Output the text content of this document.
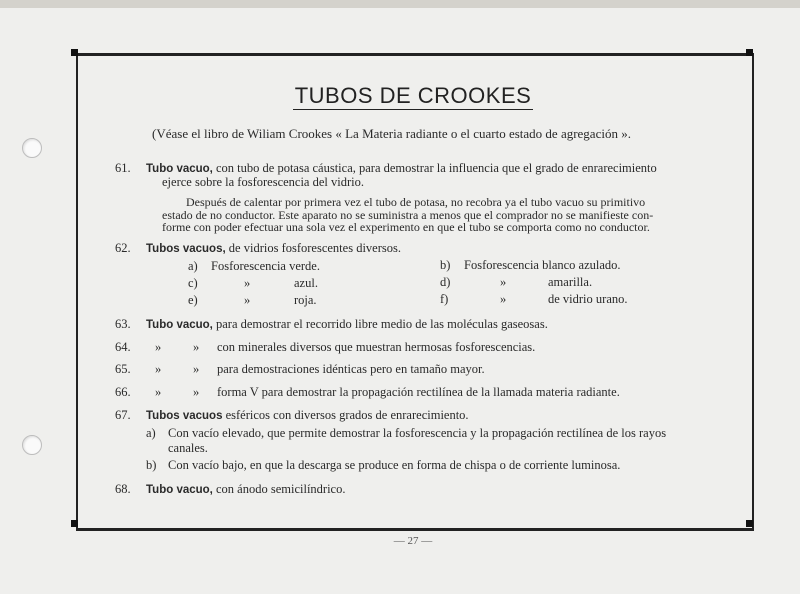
TUBOS DE CROOKES
(Véase el libro de Wiliam Crookes « La Materia radiante o el cuarto estado de agregación ».
61.	Tubo vacuo, con tubo de potasa cáustica, para demostrar la influencia que el grado de enrarecimiento
ejerce sobre la fosforescencia del vidrio.
Después de calentar por primera vez el tubo de potasa, no recobra ya el tubo vacuo su primitivo
estado de no conductor. Este aparato no se suministra a menos que el comprador no se manifieste con-
forme con poder efectuar una sola vez el experimento en que el tubo se comporta como no conductor.
62.	Tubos vacuos, de vidrios fosforescentes diversos.
a) Fosforescencia verde.	b) Fosforescencia blanco azulado.
c)	»	azul.	d)	»	amarilla.
e)	»	roja.	f)	»	de vidrio urano.
63.	Tubo vacuo, para demostrar el recorrido libre medio de las moléculas gaseosas.
64.	»	» con minerales diversos que muestran hermosas fosforescencias.
65.	»	» para demostraciones idénticas pero en tamaño mayor.
66.	»	» forma V para demostrar la propagación rectilínea de la llamada materia radiante.
67.	Tubos vacuos esféricos con diversos grados de enrarecimiento.
a) Con vacío elevado, que permite demostrar la fosforescencia y la propagación rectilínea de los rayos
canales.
b) Con vacío bajo, en que la descarga se produce en forma de chispa o de corriente luminosa.
68.	Tubo vacuo, con ánodo semicilíndrico.
— 27 —
